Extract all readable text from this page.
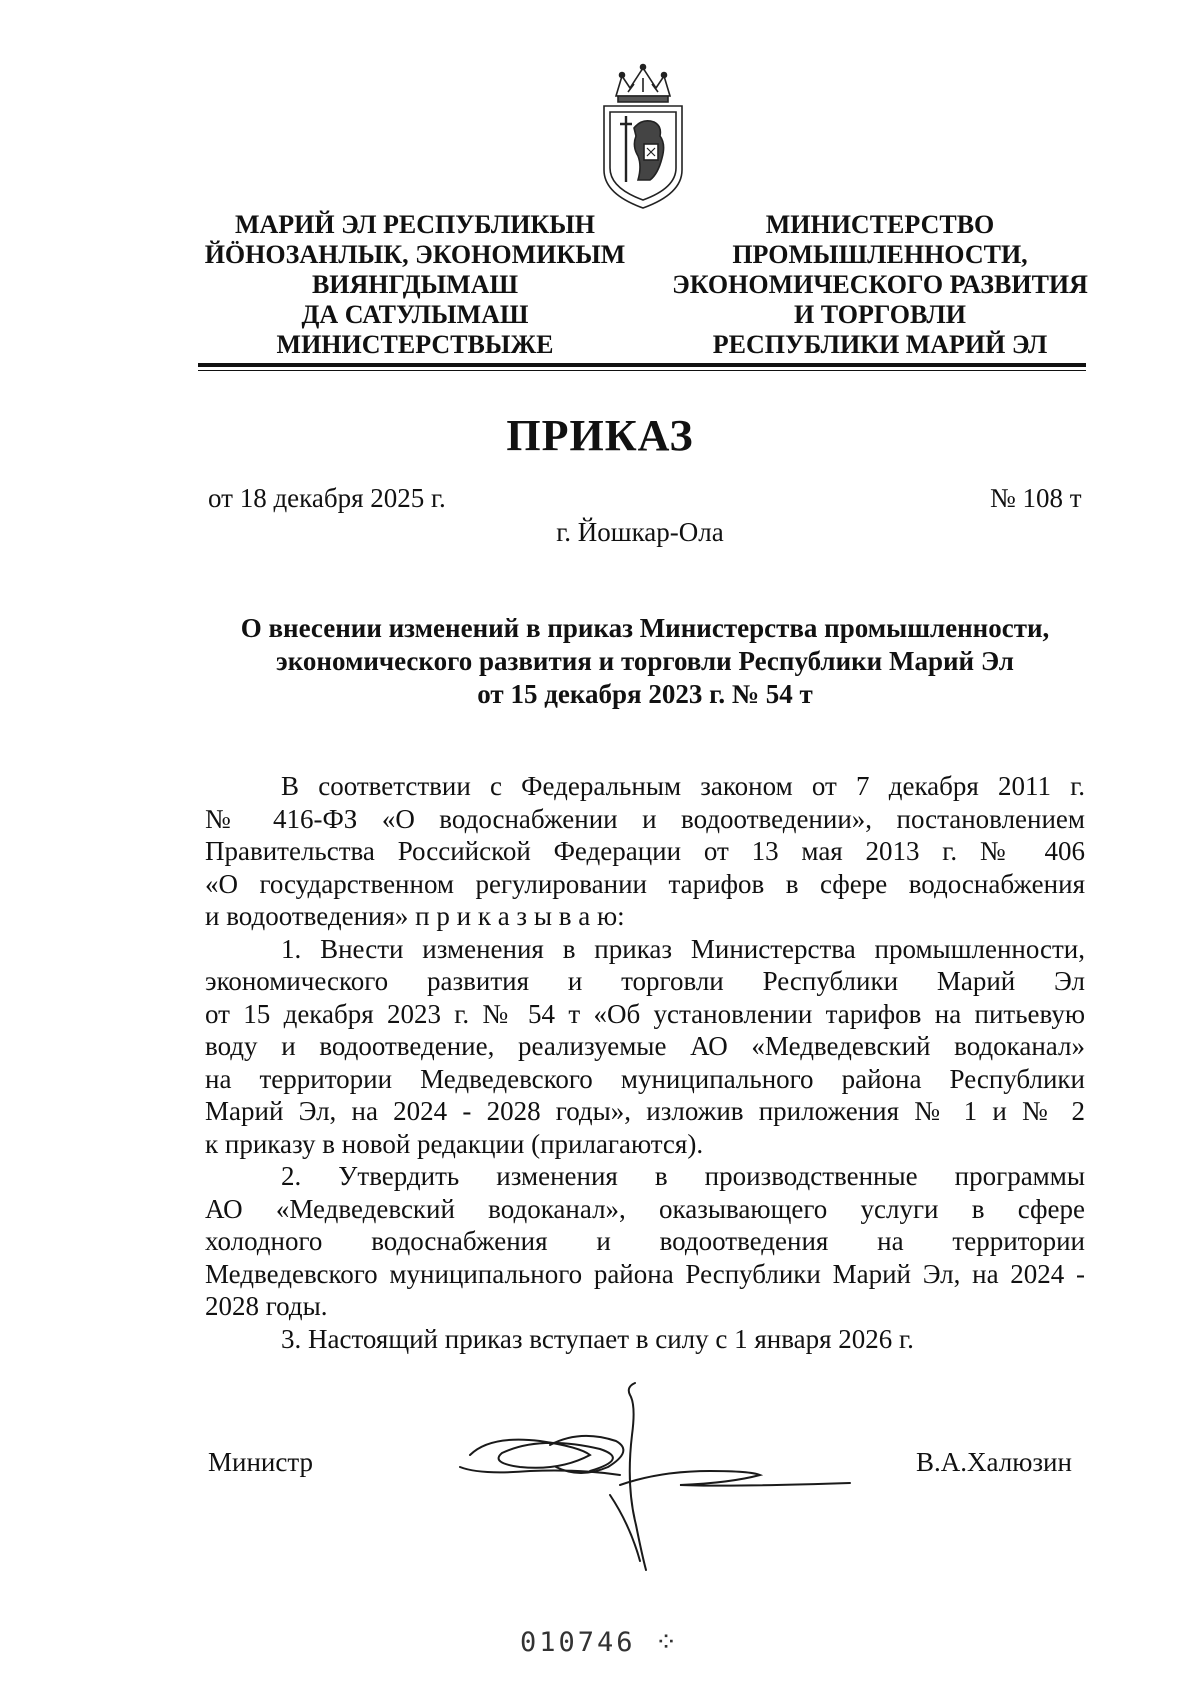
МАРИЙ ЭЛ РЕСПУБЛИКЫН
ЙÖНОЗАНЛЫК, ЭКОНОМИКЫМ
ВИЯНГДЫМАШ
ДА САТУЛЫМАШ
МИНИСТЕРСТВЫЖЕ
МИНИСТЕРСТВО
ПРОМЫШЛЕННОСТИ,
ЭКОНОМИЧЕСКОГО РАЗВИТИЯ
И ТОРГОВЛИ
РЕСПУБЛИКИ МАРИЙ ЭЛ
ПРИКАЗ
от 18 декабря 2025 г.	№ 108 т
г. Йошкар-Ола
О внесении изменений в приказ Министерства промышленности,
экономического развития и торговли Республики Марий Эл
от 15 декабря 2023 г. № 54 т

В соответствии с Федеральным законом от 7 декабря 2011 г.

№ 416-ФЗ «О водоснабжении и водоотведении», постановлением

Правительства Российской Федерации от 13 мая 2013 г. № 406

«О государственном регулировании тарифов в сфере водоснабжения

и водоотведения» п р и к а з ы в а ю:

1. Внести изменения в приказ Министерства промышленности,

экономического развития и торговли Республики Марий Эл

от 15 декабря 2023 г. № 54 т «Об установлении тарифов на питьевую

воду и водоотведение, реализуемые АО «Медведевский водоканал»

на территории Медведевского муниципального района Республики

Марий Эл, на 2024 - 2028 годы», изложив приложения № 1 и № 2

к приказу в новой редакции (прилагаются).

2. Утвердить изменения в производственные программы

АО «Медведевский водоканал», оказывающего услуги в сфере

холодного водоснабжения и водоотведения на территории

Медведевского муниципального района Республики Марий Эл, на 2024 -

2028 годы.

3. Настоящий приказ вступает в силу с 1 января 2026 г.

Министр	В.А.Халюзин
010746 ⁘
